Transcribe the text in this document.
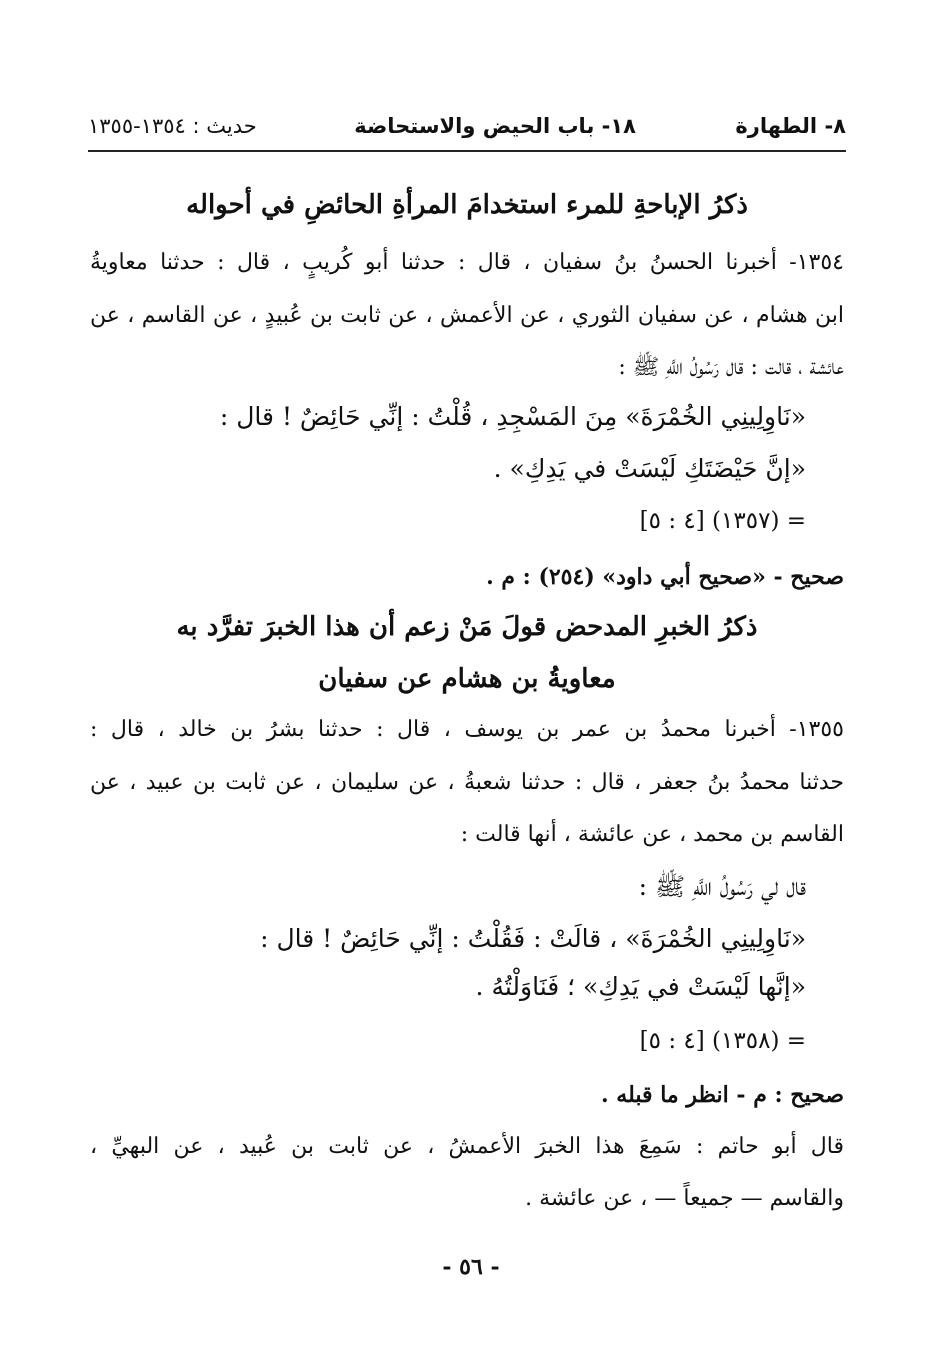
٨- الطهارة
١٨- باب الحيض والاستحاضة
حديث : ١٣٥٤-١٣٥٥
ذكرُ الإباحةِ للمرء استخدامَ المرأةِ الحائضِ في أحواله
١٣٥٤- أخبرنا الحسنُ بنُ سفيان ، قال : حدثنا أبو كُريبٍ ، قال : حدثنا معاويةُ
ابن هشام ، عن سفيان الثوري ، عن الأعمش ، عن ثابت بن عُبيدٍ ، عن القاسم ، عن
عائشة ، قالت : قال رَسُولُ اللَّهِ ﷺ :
«نَاوِلِينِي الخُمْرَةَ» مِنَ المَسْجِدِ ، قُلْتُ : إنِّي حَائِضٌ ! قال :
«إنَّ حَيْضَتَكِ لَيْسَتْ في يَدِكِ» .
= (١٣٥٧) [٤ : ٥]
صحيح - «صحيح أبي داود» (٢٥٤) : م .
ذكرُ الخبرِ المدحض قولَ مَنْ زعم أن هذا الخبرَ تفرَّد به
معاويةُ بن هشام عن سفيان
١٣٥٥- أخبرنا محمدُ بن عمر بن يوسف ، قال : حدثنا بشرُ بن خالد ، قال :
حدثنا محمدُ بنُ جعفر ، قال : حدثنا شعبةُ ، عن سليمان ، عن ثابت بن عبيد ، عن
القاسم بن محمد ، عن عائشة ، أنها قالت :
قال لي رَسُولُ اللَّهِ ﷺ :
«نَاوِلِينِي الخُمْرَةَ» ، قالَتْ : فَقُلْتُ : إنِّي حَائِضٌ ! قال :
«إنَّها لَيْسَتْ في يَدِكِ» ؛ فَنَاوَلْتُهُ .
= (١٣٥٨) [٤ : ٥]
صحيح : م - انظر ما قبله .
قال أبو حاتم : سَمِعَ هذا الخبرَ الأعمشُ ، عن ثابت بن عُبيد ، عن البهيِّ ،
والقاسم — جميعاً — ، عن عائشة .
- ٥٦ -
